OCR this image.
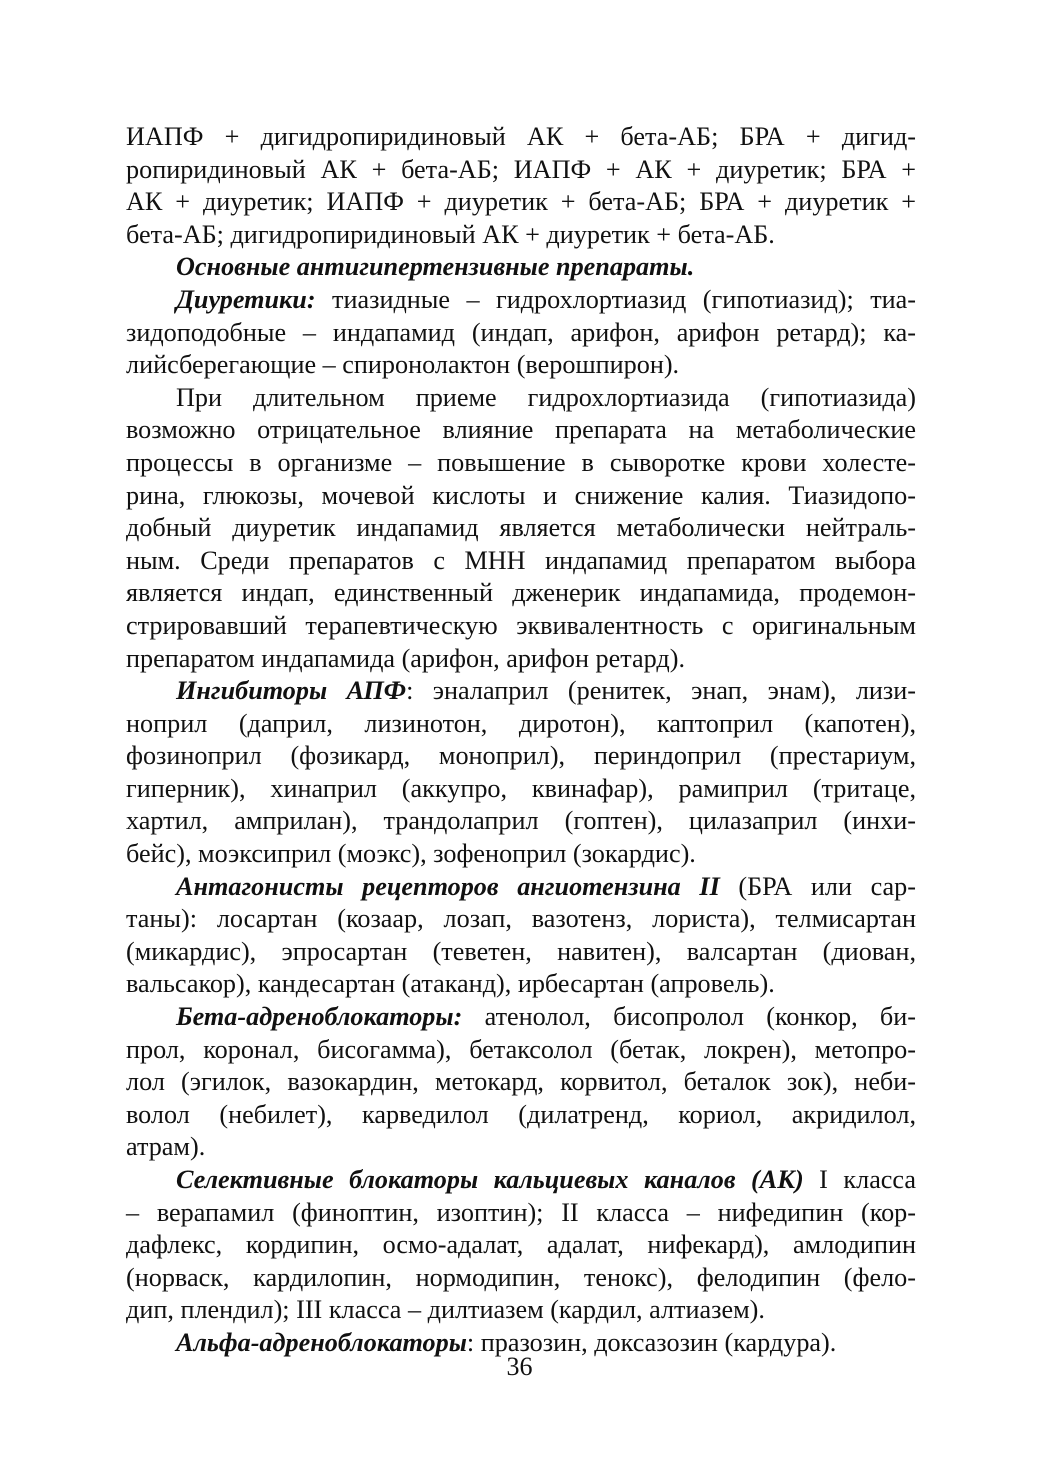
ИАПФ + дигидропиридиновый АК + бета-АБ; БРА + дигид-
ропиридиновый АК + бета-АБ; ИАПФ + АК + диуретик; БРА +
АК + диуретик; ИАПФ + диуретик + бета-АБ; БРА + диуретик +
бета-АБ; дигидропиридиновый АК + диуретик + бета-АБ.
Основные антигипертензивные препараты.
Диуретики: тиазидные – гидрохлортиазид (гипотиазид); тиа-
зидоподобные – индапамид (индап, арифон, арифон ретард); ка-
лийсберегающие – спиронолактон (верошпирон).
При длительном приеме гидрохлортиазида (гипотиазида)
возможно отрицательное влияние препарата на метаболические
процессы в организме – повышение в сыворотке крови холесте-
рина, глюкозы, мочевой кислоты и снижение калия. Тиазидопо-
добный диуретик индапамид является метаболически нейтраль-
ным. Среди препаратов с МНН индапамид препаратом выбора
является индап, единственный дженерик индапамида, продемон-
стрировавший терапевтическую эквивалентность с оригинальным
препаратом индапамида (арифон, арифон ретард).
Ингибиторы АПФ: эналаприл (ренитек, энап, энам), лизи-
ноприл (даприл, лизинотон, диротон), каптоприл (капотен),
фозиноприл (фозикард, моноприл), периндоприл (престариум,
гиперник), хинаприл (аккупро, квинафар), рамиприл (тритаце,
хартил, амприлан), трандолаприл (гоптен), цилазаприл (инхи-
бейс), моэксиприл (моэкс), зофеноприл (зокардис).
Антагонисты рецепторов ангиотензина II (БРА или сар-
таны): лосартан (козаар, лозап, вазотенз, лориста), телмисартан
(микардис), эпросартан (теветен, навитен), валсартан (диован,
вальсакор), кандесартан (атаканд), ирбесартан (апровель).
Бета-адреноблокаторы: атенолол, бисопролол (конкор, би-
прол, коронал, бисогамма), бетаксолол (бетак, локрен), метопро-
лол (эгилок, вазокардин, метокард, корвитол, беталок зок), неби-
волол (небилет), карведилол (дилатренд, кориол, акридилол,
атрам).
Селективные блокаторы кальциевых каналов (АК) I класса
– верапамил (финоптин, изоптин); II класса – нифедипин (кор-
дафлекс, кордипин, осмо-адалат, адалат, нифекард), амлодипин
(норваск, кардилопин, нормодипин, тенокс), фелодипин (фело-
дип, плендил); III класса – дилтиазем (кардил, алтиазем).
Альфа-адреноблокаторы: празозин, доксазозин (кардура).
36
